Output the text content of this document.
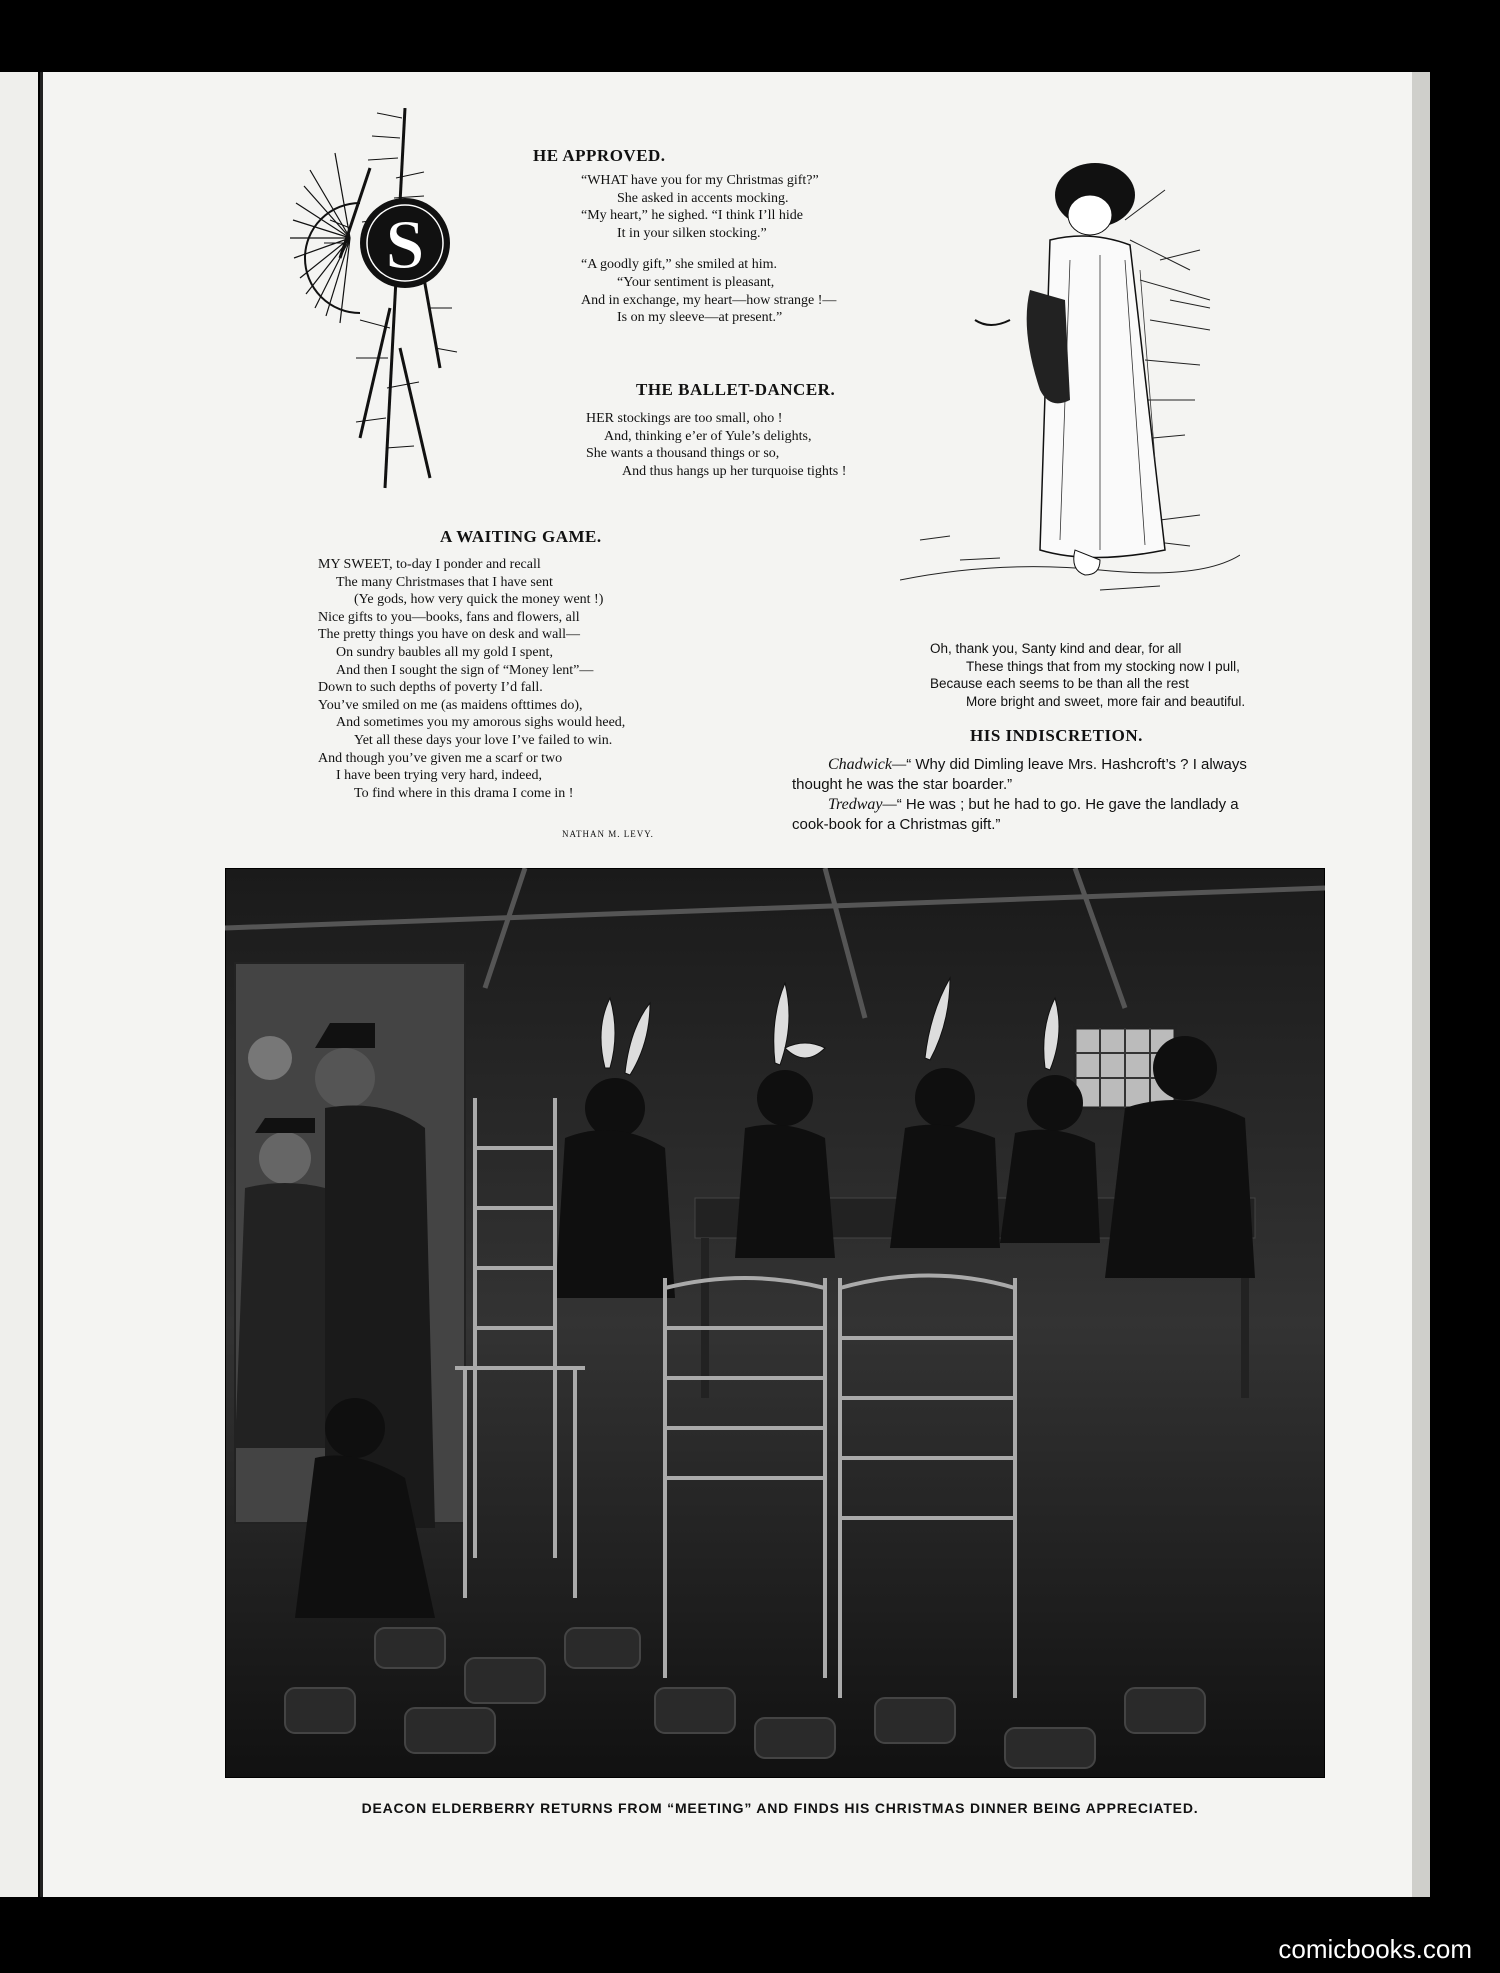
S
HE APPROVED.
“WHAT have you for my Christmas gift?”
She asked in accents mocking.
“My heart,” he sighed. “I think I’ll hide
It in your silken stocking.”
“A goodly gift,” she smiled at him.
“Your sentiment is pleasant,
And in exchange, my heart—how strange !—
Is on my sleeve—at present.”
THE BALLET-DANCER.
HER stockings are too small, oho !
And, thinking e’er of Yule’s delights,
She wants a thousand things or so,
And thus hangs up her turquoise tights !
A WAITING GAME.
MY SWEET, to-day I ponder and recall
The many Christmases that I have sent
(Ye gods, how very quick the money went !)
Nice gifts to you—books, fans and flowers, all
The pretty things you have on desk and wall—
On sundry baubles all my gold I spent,
And then I sought the sign of “Money lent”—
Down to such depths of poverty I’d fall.
You’ve smiled on me (as maidens ofttimes do),
And sometimes you my amorous sighs would heed,
Yet all these days your love I’ve failed to win.
And though you’ve given me a scarf or two
I have been trying very hard, indeed,
To find where in this drama I come in !
NATHAN M. LEVY.
Oh, thank you, Santy kind and dear, for all
These things that from my stocking now I pull,
Because each seems to be than all the rest
More bright and sweet, more fair and beautiful.
HIS INDISCRETION.
Chadwick—“ Why did Dimling leave Mrs. Hashcroft’s ? I always
thought he was the star boarder.”
Tredway—“ He was ; but he had to go. He gave the landlady a
cook-book for a Christmas gift.”
DEACON ELDERBERRY RETURNS FROM “MEETING” AND FINDS HIS CHRISTMAS DINNER BEING APPRECIATED.
comicbooks.com
